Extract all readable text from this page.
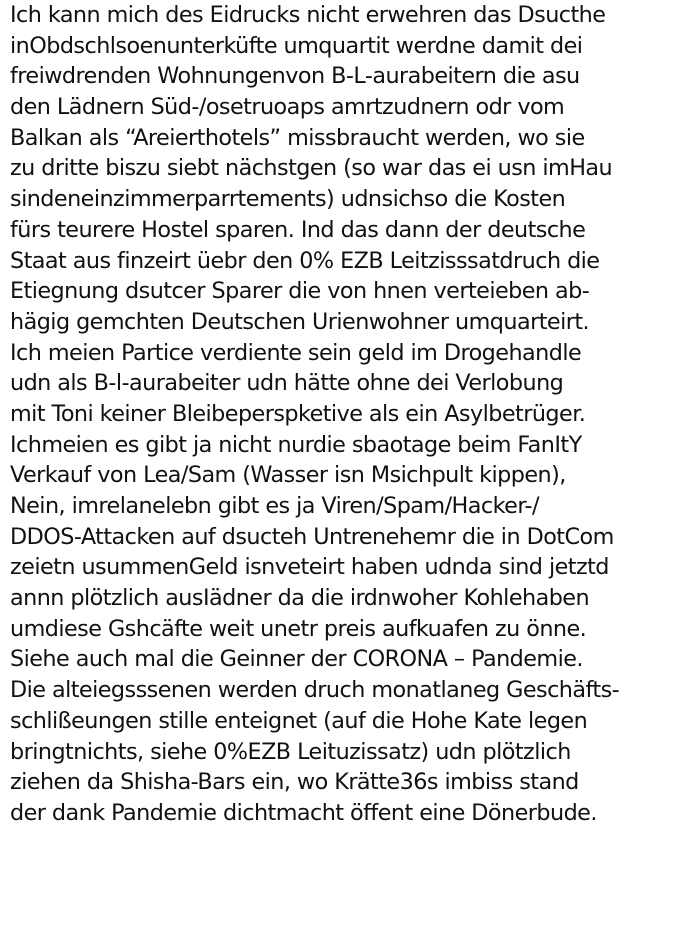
Ich kann mich des Eidrucks nicht erwehren das Dsucthe
inObdschlsoenunterküfte umquartit werdne damit dei
freiwdrenden Wohnungenvon B-L-aurabeitern die asu
den Lädnern Süd-/osetruoaps amrtzudnern odr vom
Balkan als “Areierthotels” missbraucht werden, wo sie
zu dritte biszu siebt nächstgen (so war das ei usn imHau
sindeneinzimmerparrtements) udnsichso die Kosten
fürs teurere Hostel sparen. Ind das dann der deutsche
Staat aus finzeirt üebr den 0% EZB Leitzisssatdruch die
Etiegnung dsutcer Sparer die von hnen verteieben ab-
hägig gemchten Deutschen Urienwohner umquarteirt.
Ich meien Partice verdiente sein geld im Drogehandle
udn als B-l-aurabeiter udn hätte ohne dei Verlobung
mit Toni keiner Bleibeperspketive als ein Asylbetrüger.
Ichmeien es gibt ja nicht nurdie sbaotage beim FanItY
Verkauf von Lea/Sam (Wasser isn Msichpult kippen),
Nein, imrelanelebn gibt es ja Viren/Spam/Hacker-/
DDOS-Attacken auf dsucteh Untrenehemr die in DotCom
zeietn usummenGeld isnveteirt haben udnda sind jetztd
annn plötzlich ausIädner da die irdnwoher Kohlehaben
umdiese Gshcäfte weit unetr preis aufkuafen zu önne.
Siehe auch mal die Geinner der CORONA – Pandemie.
Die alteiegsssenen werden druch monatlaneg Geschäfts-
schlißeungen stille enteignet (auf die Hohe Kate legen
bringtnichts, siehe 0%EZB Leituzissatz) udn plötzlich
ziehen da Shisha-Bars ein, wo Krätte36s imbiss stand
der dank Pandemie dichtmacht öffent eine Dönerbude.
